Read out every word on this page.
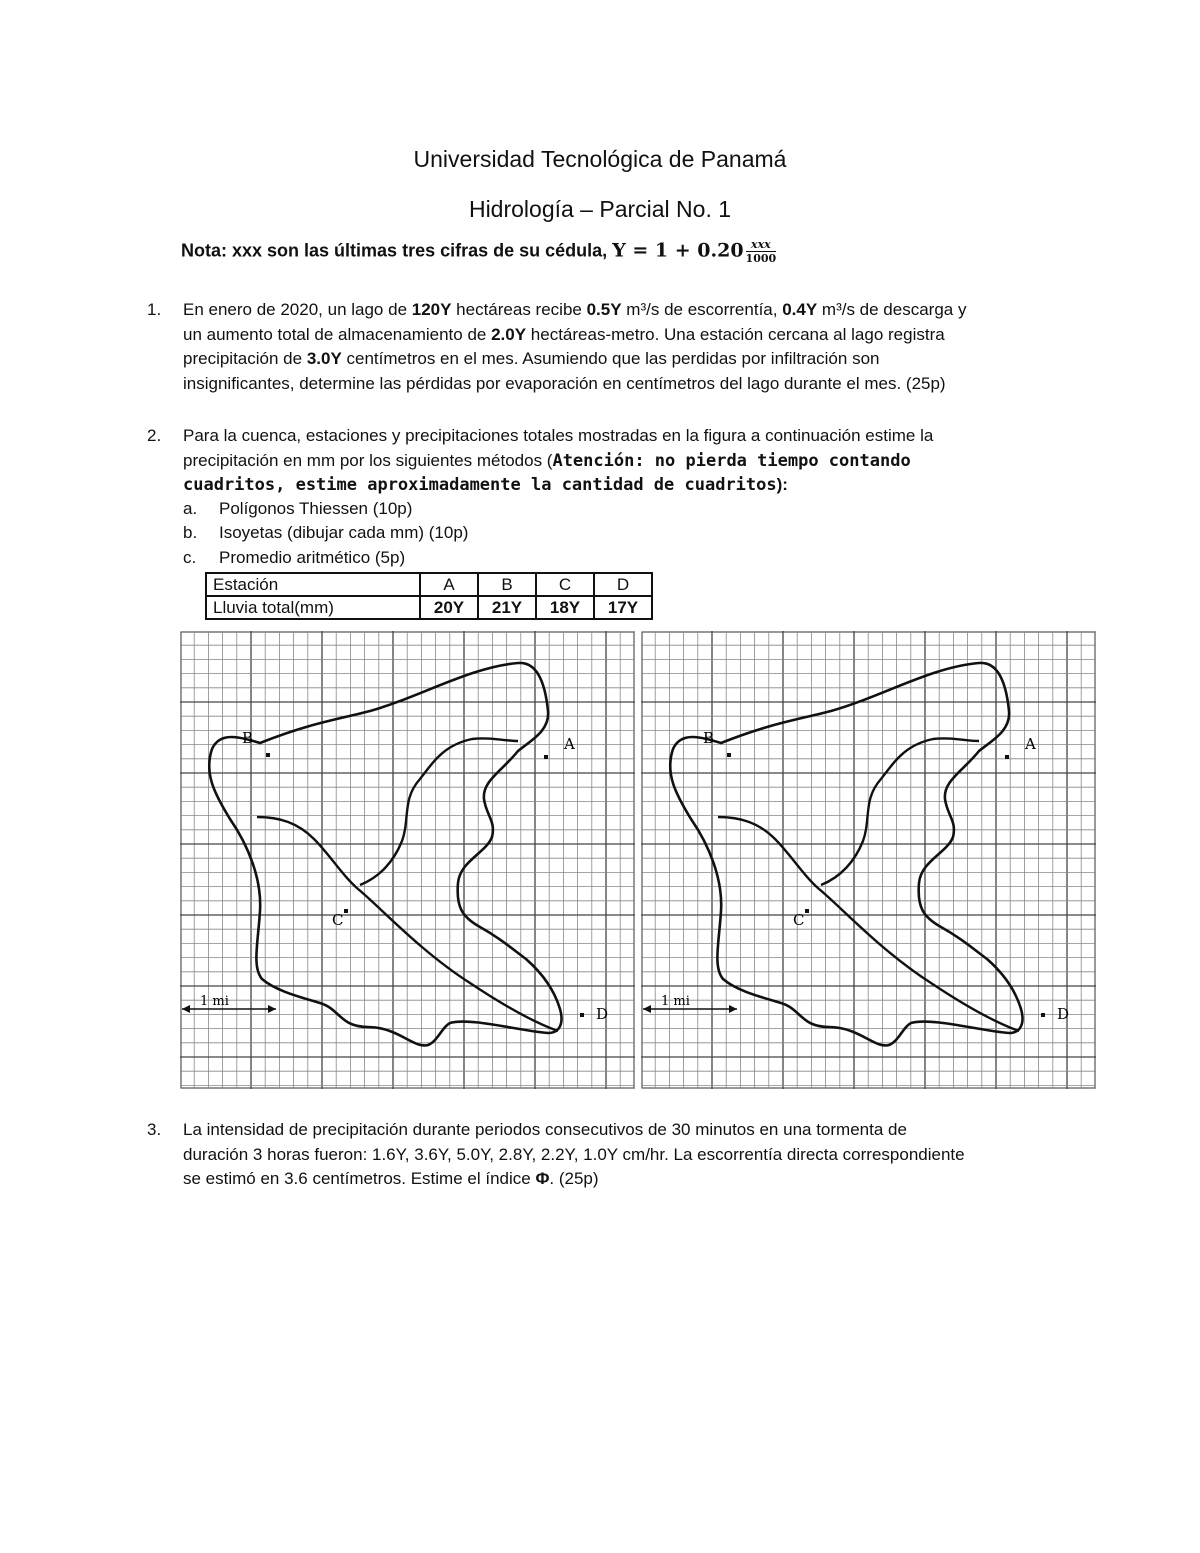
Universidad Tecnológica de Panamá
Hidrología – Parcial No. 1
Nota: xxx son las últimas tres cifras de su cédula, $Y = 1 + 0.20 \frac{\text{xxx}}{1000}$
1. En enero de 2020, un lago de 120Y hectáreas recibe 0.5Y m³/s de escorrentía, 0.4Y m³/s de descarga y
un aumento total de almacenamiento de 2.0Y hectáreas-metro. Una estación cercana al lago registra
precipitación de 3.0Y centímetros en el mes. Asumiendo que las perdidas por infiltración son
insignificantes, determine las pérdidas por evaporación en centímetros del lago durante el mes. (25p)
2. Para la cuenca, estaciones y precipitaciones totales mostradas en la figura a continuación estime la
precipitación en mm por los siguientes métodos (Atención: no pierda tiempo contando
cuadritos, estime aproximadamente la cantidad de cuadritos):
a. Polígonos Thiessen (10p)
b. Isoyetas (dibujar cada mm) (10p)
c. Promedio aritmético (5p)
Estación	A	B	C	D
Lluvia total(mm)	20Y	21Y	18Y	17Y
A
B
C
D
1 mi
A
B
C
D
1 mi
3. La intensidad de precipitación durante periodos consecutivos de 30 minutos en una tormenta de
duración 3 horas fueron: 1.6Y, 3.6Y, 5.0Y, 2.8Y, 2.2Y, 1.0Y cm/hr. La escorrentía directa correspondiente
se estimó en 3.6 centímetros. Estime el índice Φ. (25p)
